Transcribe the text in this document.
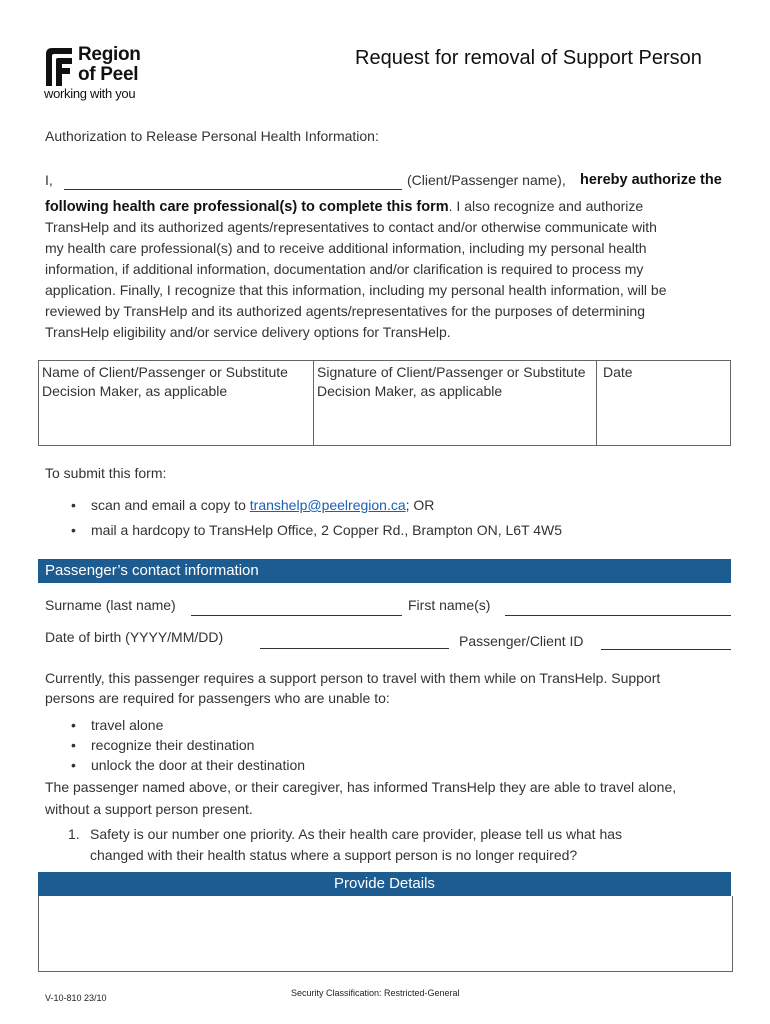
Region
of Peel
working with you
Request for removal of Support Person
Authorization to Release Personal Health Information:
I,	(Client/Passenger name), hereby authorize the
following health care professional(s) to complete this form. I also recognize and authorize
TransHelp and its authorized agents/representatives to contact and/or otherwise communicate with
my health care professional(s) and to receive additional information, including my personal health
information, if additional information, documentation and/or clarification is required to process my
application. Finally, I recognize that this information, including my personal health information, will be
reviewed by TransHelp and its authorized agents/representatives for the purposes of determining
TransHelp eligibility and/or service delivery options for TransHelp.
Name of Client/Passenger or Substitute Decision Maker, as applicable	Signature of Client/Passenger or Substitute Decision Maker, as applicable	Date
To submit this form:
• scan and email a copy to transhelp@peelregion.ca; OR
• mail a hardcopy to TransHelp Office, 2 Copper Rd., Brampton ON, L6T 4W5
Passenger’s contact information
Surname (last name)	First name(s)
Date of birth (YYYY/MM/DD)	Passenger/Client ID
Currently, this passenger requires a support person to travel with them while on TransHelp. Support
persons are required for passengers who are unable to:
• travel alone
• recognize their destination
• unlock the door at their destination
The passenger named above, or their caregiver, has informed TransHelp they are able to travel alone,
without a support person present.
1. Safety is our number one priority. As their health care provider, please tell us what has
changed with their health status where a support person is no longer required?
Provide Details
V-10-810 23/10	Security Classification: Restricted-General
